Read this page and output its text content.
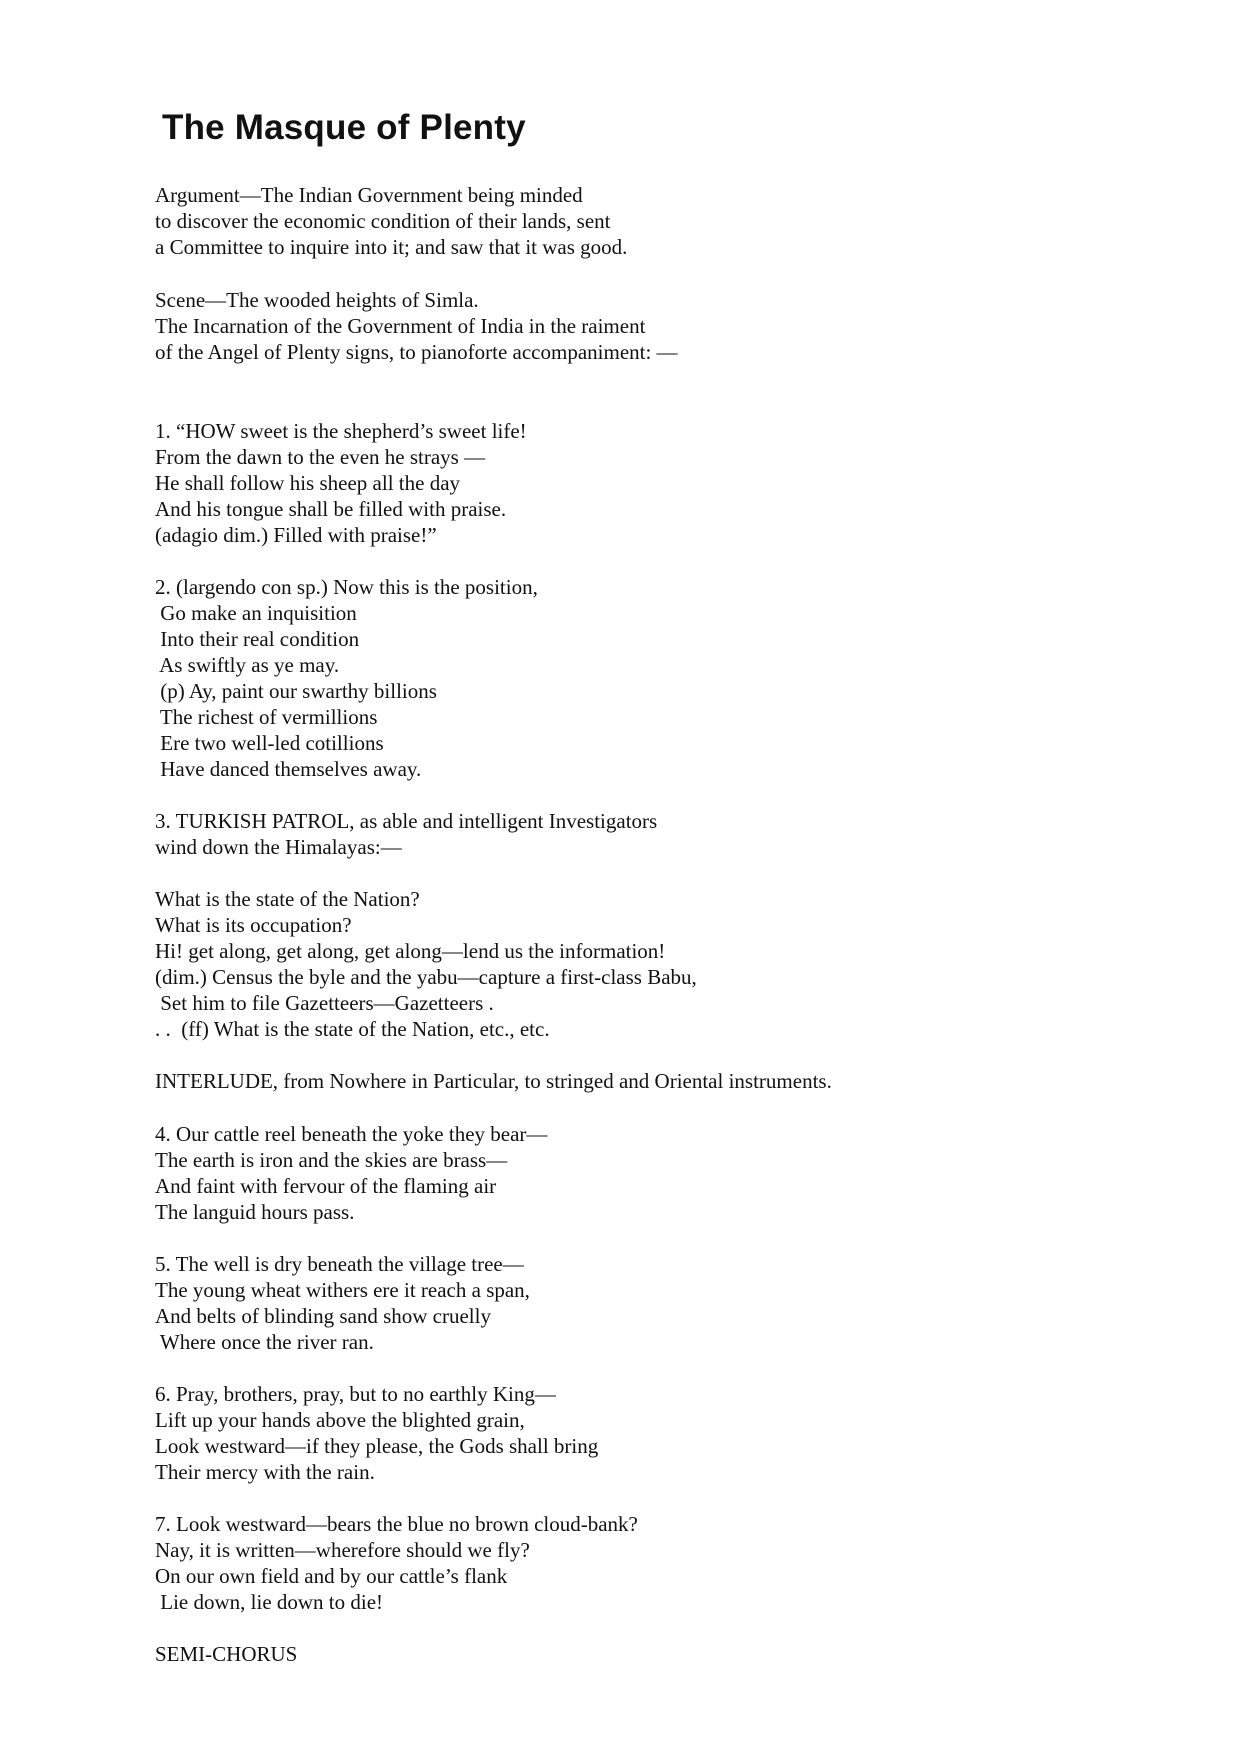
The Masque of Plenty

Argument—The Indian Government being minded

to discover the economic condition of their lands, sent

a Committee to inquire into it; and saw that it was good.

Scene—The wooded heights of Simla.

The Incarnation of the Government of India in the raiment

of the Angel of Plenty signs, to pianoforte accompaniment: —

1. “HOW sweet is the shepherd’s sweet life!

From the dawn to the even he strays —

He shall follow his sheep all the day

And his tongue shall be filled with praise.

(adagio dim.) Filled with praise!”

2. (largendo con sp.) Now this is the position,

Go make an inquisition

Into their real condition

As swiftly as ye may.

(p) Ay, paint our swarthy billions

The richest of vermillions

Ere two well-led cotillions

Have danced themselves away.

3. TURKISH PATROL, as able and intelligent Investigators

wind down the Himalayas:—

What is the state of the Nation?

What is its occupation?

Hi! get along, get along, get along—lend us the information!

(dim.) Census the byle and the yabu—capture a first-class Babu,

Set him to file Gazetteers—Gazetteers .

. .  (ff) What is the state of the Nation, etc., etc.

INTERLUDE, from Nowhere in Particular, to stringed and Oriental instruments.

4. Our cattle reel beneath the yoke they bear—

The earth is iron and the skies are brass—

And faint with fervour of the flaming air

The languid hours pass.

5. The well is dry beneath the village tree—

The young wheat withers ere it reach a span,

And belts of blinding sand show cruelly

Where once the river ran.

6. Pray, brothers, pray, but to no earthly King—

Lift up your hands above the blighted grain,

Look westward—if they please, the Gods shall bring

Their mercy with the rain.

7. Look westward—bears the blue no brown cloud-bank?

Nay, it is written—wherefore should we fly?

On our own field and by our cattle’s flank

Lie down, lie down to die!

SEMI-CHORUS
